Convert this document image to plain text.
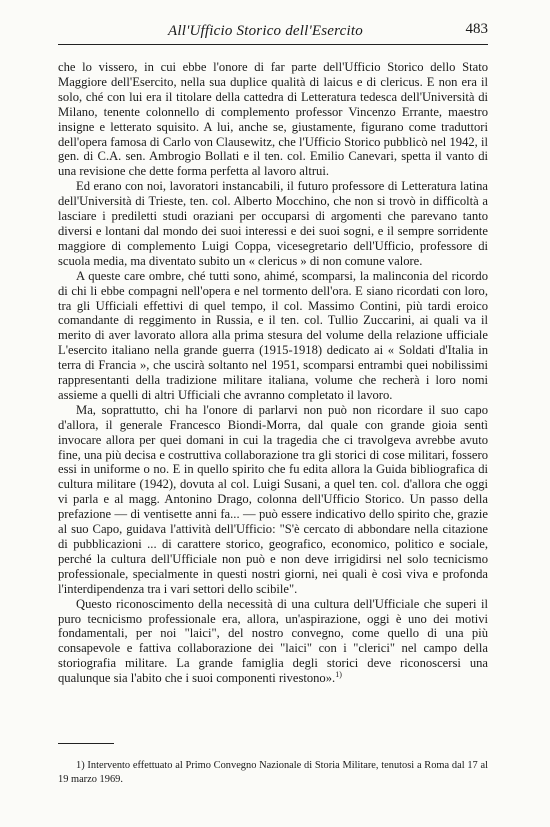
All'Ufficio Storico dell'Esercito	483

che lo vissero, in cui ebbe l'onore di far parte dell'Ufficio Storico dello Stato Maggiore dell'Esercito, nella sua duplice qualità di laicus e di clericus. E non era il solo, ché con lui era il titolare della cattedra di Letteratura tedesca dell'Università di Milano, tenente colonnello di complemento professor Vincenzo Errante, maestro insigne e letterato squisito. A lui, anche se, giustamente, figurano come traduttori dell'opera famosa di Carlo von Clausewitz, che l'Ufficio Storico pubblicò nel 1942, il gen. di C.A. sen. Ambrogio Bollati e il ten. col. Emilio Canevari, spetta il vanto di una revisione che dette forma perfetta al lavoro altrui.

Ed erano con noi, lavoratori instancabili, il futuro professore di Letteratura latina dell'Università di Trieste, ten. col. Alberto Mocchino, che non si trovò in difficoltà a lasciare i prediletti studi oraziani per occuparsi di argomenti che parevano tanto diversi e lontani dal mondo dei suoi interessi e dei suoi sogni, e il sempre sorridente maggiore di complemento Luigi Coppa, vicesegretario dell'Ufficio, professore di scuola media, ma diventato subito un « clericus » di non comune valore.

A queste care ombre, ché tutti sono, ahimé, scomparsi, la malinconia del ricordo di chi li ebbe compagni nell'opera e nel tormento dell'ora. E siano ricordati con loro, tra gli Ufficiali effettivi di quel tempo, il col. Massimo Contini, più tardi eroico comandante di reggimento in Russia, e il ten. col. Tullio Zuccarini, ai quali va il merito di aver lavorato allora alla prima stesura del volume della relazione ufficiale L'esercito italiano nella grande guerra (1915-1918) dedicato ai « Soldati d'Italia in terra di Francia », che uscirà soltanto nel 1951, scomparsi entrambi quei nobilissimi rappresentanti della tradizione militare italiana, volume che recherà i loro nomi assieme a quelli di altri Ufficiali che avranno completato il lavoro.

Ma, soprattutto, chi ha l'onore di parlarvi non può non ricordare il suo capo d'allora, il generale Francesco Biondi-Morra, dal quale con grande gioia sentì invocare allora per quei domani in cui la tragedia che ci travolgeva avrebbe avuto fine, una più decisa e costruttiva collaborazione tra gli storici di cose militari, fossero essi in uniforme o no. E in quello spirito che fu edita allora la Guida bibliografica di cultura militare (1942), dovuta al col. Luigi Susani, a quel ten. col. d'allora che oggi vi parla e al magg. Antonino Drago, colonna dell'Ufficio Storico. Un passo della prefazione — di ventisette anni fa... — può essere indicativo dello spirito che, grazie al suo Capo, guidava l'attività dell'Ufficio: "S'è cercato di abbondare nella citazione di pubblicazioni ... di carattere storico, geografico, economico, politico e sociale, perché la cultura dell'Ufficiale non può e non deve irrigidirsi nel solo tecnicismo professionale, specialmente in questi nostri giorni, nei quali è così viva e profonda l'interdipendenza tra i vari settori dello scibile".

Questo riconoscimento della necessità di una cultura dell'Ufficiale che superi il puro tecnicismo professionale era, allora, un'aspirazione, oggi è uno dei motivi fondamentali, per noi "laici", del nostro convegno, come quello di una più consapevole e fattiva collaborazione dei "laici" con i "clerici" nel campo della storiografia militare. La grande famiglia degli storici deve riconoscersi una qualunque sia l'abito che i suoi componenti rivestono».$^{1)}$

1) Intervento effettuato al Primo Convegno Nazionale di Storia Militare, tenutosi a Roma dal 17 al 19 marzo 1969.
